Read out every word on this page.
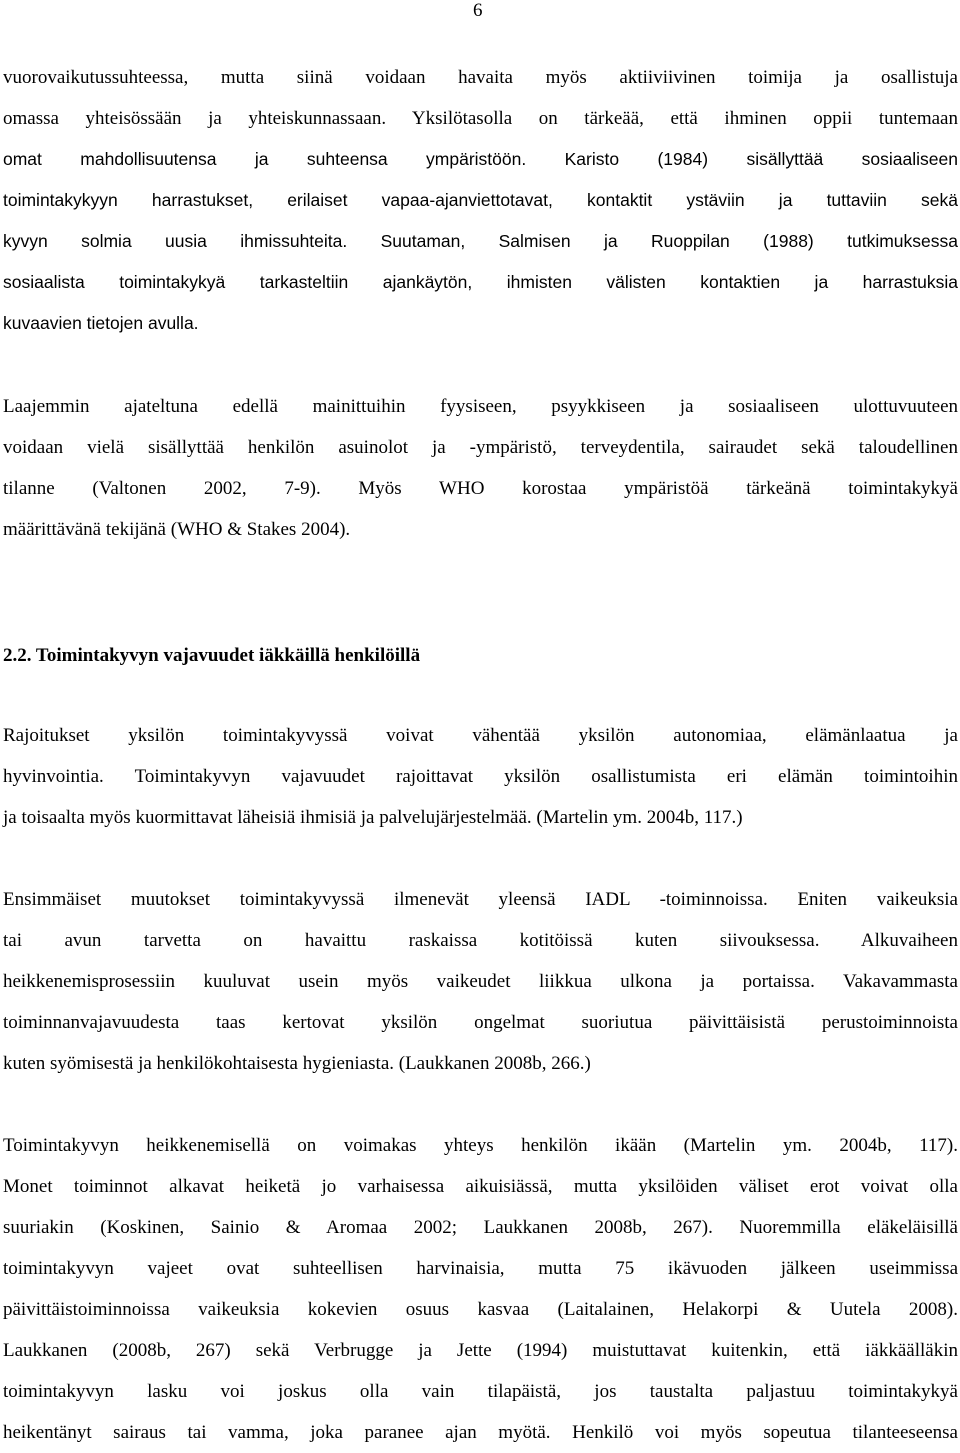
6
vuorovaikutussuhteessa, mutta siinä voidaan havaita myös aktiiviivinen toimija ja osallistuja
omassa yhteisössään ja yhteiskunnassaan. Yksilötasolla on tärkeää, että ihminen oppii tuntemaan
omat mahdollisuutensa ja suhteensa ympäristöön. Karisto (1984) sisällyttää sosiaaliseen
toimintakykyyn harrastukset, erilaiset vapaa-ajanviettotavat, kontaktit ystäviin ja tuttaviin sekä
kyvyn solmia uusia ihmissuhteita. Suutaman, Salmisen ja Ruoppilan (1988) tutkimuksessa
sosiaalista toimintakykyä tarkasteltiin ajankäytön, ihmisten välisten kontaktien ja harrastuksia
kuvaavien tietojen avulla.
Laajemmin ajateltuna edellä mainittuihin fyysiseen, psyykkiseen ja sosiaaliseen ulottuvuuteen
voidaan vielä sisällyttää henkilön asuinolot ja -ympäristö, terveydentila, sairaudet sekä taloudellinen
tilanne (Valtonen 2002, 7-9). Myös WHO korostaa ympäristöä tärkeänä toimintakykyä
määrittävänä tekijänä (WHO & Stakes 2004).
2.2. Toimintakyvyn vajavuudet iäkkäillä henkilöillä
Rajoitukset yksilön toimintakyvyssä voivat vähentää yksilön autonomiaa, elämänlaatua ja
hyvinvointia. Toimintakyvyn vajavuudet rajoittavat yksilön osallistumista eri elämän toimintoihin
ja toisaalta myös kuormittavat läheisiä ihmisiä ja palvelujärjestelmää. (Martelin ym. 2004b, 117.)
Ensimmäiset muutokset toimintakyvyssä ilmenevät yleensä IADL -toiminnoissa. Eniten vaikeuksia
tai avun tarvetta on havaittu raskaissa kotitöissä kuten siivouksessa. Alkuvaiheen
heikkenemisprosessiin kuuluvat usein myös vaikeudet liikkua ulkona ja portaissa. Vakavammasta
toiminnanvajavuudesta taas kertovat yksilön ongelmat suoriutua päivittäisistä perustoiminnoista
kuten syömisestä ja henkilökohtaisesta hygieniasta. (Laukkanen 2008b, 266.)
Toimintakyvyn heikkenemisellä on voimakas yhteys henkilön ikään (Martelin ym. 2004b, 117).
Monet toiminnot alkavat heiketä jo varhaisessa aikuisiässä, mutta yksilöiden väliset erot voivat olla
suuriakin (Koskinen, Sainio & Aromaa 2002; Laukkanen 2008b, 267). Nuoremmilla eläkeläisillä
toimintakyvyn vajeet ovat suhteellisen harvinaisia, mutta 75 ikävuoden jälkeen useimmissa
päivittäistoiminnoissa vaikeuksia kokevien osuus kasvaa (Laitalainen, Helakorpi & Uutela 2008).
Laukkanen (2008b, 267) sekä Verbrugge ja Jette (1994) muistuttavat kuitenkin, että iäkkäälläkin
toimintakyvyn lasku voi joskus olla vain tilapäistä, jos taustalta paljastuu toimintakykyä
heikentänyt sairaus tai vamma, joka paranee ajan myötä. Henkilö voi myös sopeutua tilanteeseensa
